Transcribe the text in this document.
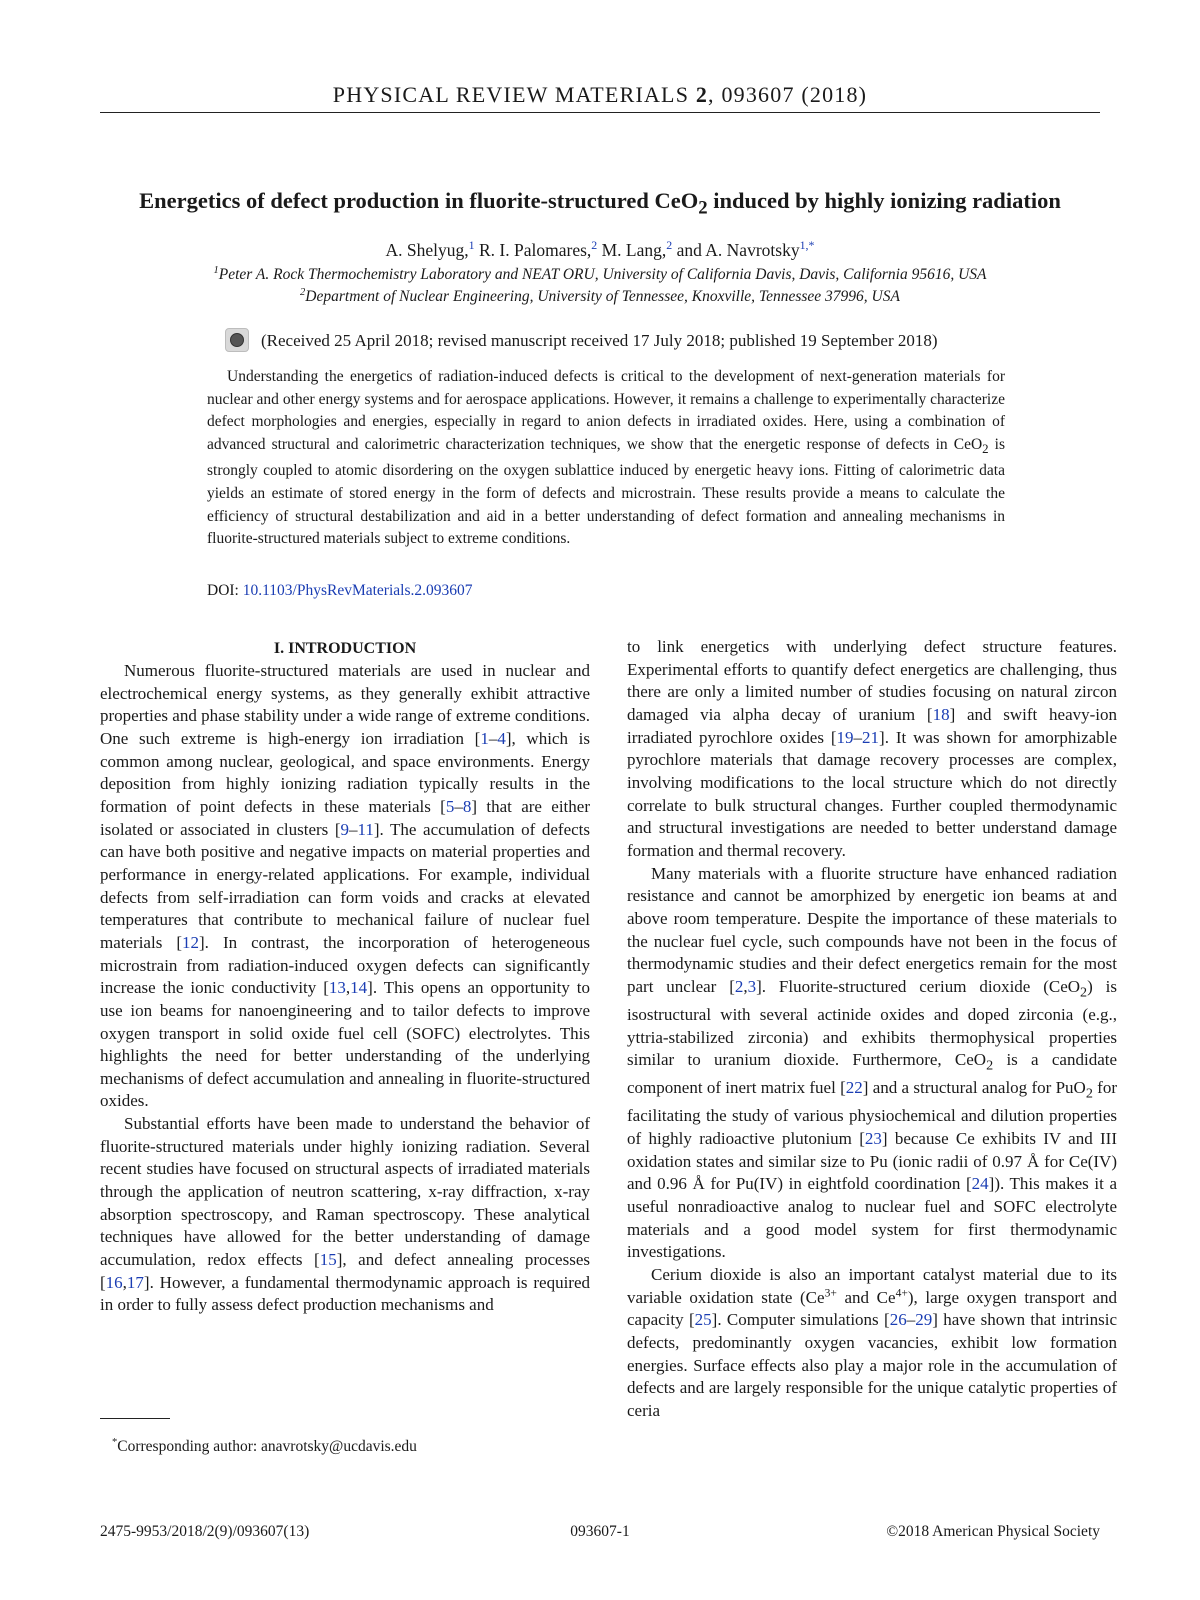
PHYSICAL REVIEW MATERIALS 2, 093607 (2018)
Energetics of defect production in fluorite-structured CeO$_2$ induced by highly ionizing radiation
A. Shelyug,$^1$ R. I. Palomares,$^2$ M. Lang,$^2$ and A. Navrotsky$^{1,*}$
$^1$Peter A. Rock Thermochemistry Laboratory and NEAT ORU, University of California Davis, Davis, California 95616, USA
$^2$Department of Nuclear Engineering, University of Tennessee, Knoxville, Tennessee 37996, USA
(Received 25 April 2018; revised manuscript received 17 July 2018; published 19 September 2018)
Understanding the energetics of radiation-induced defects is critical to the development of next-generation materials for nuclear and other energy systems and for aerospace applications. However, it remains a challenge to experimentally characterize defect morphologies and energies, especially in regard to anion defects in irradiated oxides. Here, using a combination of advanced structural and calorimetric characterization techniques, we show that the energetic response of defects in CeO$_2$ is strongly coupled to atomic disordering on the oxygen sublattice induced by energetic heavy ions. Fitting of calorimetric data yields an estimate of stored energy in the form of defects and microstrain. These results provide a means to calculate the efficiency of structural destabilization and aid in a better understanding of defect formation and annealing mechanisms in fluorite-structured materials subject to extreme conditions.
DOI: 10.1103/PhysRevMaterials.2.093607
I. INTRODUCTION

Numerous fluorite-structured materials are used in nuclear and electrochemical energy systems, as they generally exhibit attractive properties and phase stability under a wide range of extreme conditions. One such extreme is high-energy ion irradiation [1–4], which is common among nuclear, geological, and space environments. Energy deposition from highly ionizing radiation typically results in the formation of point defects in these materials [5–8] that are either isolated or associated in clusters [9–11]. The accumulation of defects can have both positive and negative impacts on material properties and performance in energy-related applications. For example, individual defects from self-irradiation can form voids and cracks at elevated temperatures that contribute to mechanical failure of nuclear fuel materials [12]. In contrast, the incorporation of heterogeneous microstrain from radiation-induced oxygen defects can significantly increase the ionic conductivity [13,14]. This opens an opportunity to use ion beams for nanoengineering and to tailor defects to improve oxygen transport in solid oxide fuel cell (SOFC) electrolytes. This highlights the need for better understanding of the underlying mechanisms of defect accumulation and annealing in fluorite-structured oxides.

Substantial efforts have been made to understand the behavior of fluorite-structured materials under highly ionizing radiation. Several recent studies have focused on structural aspects of irradiated materials through the application of neutron scattering, x-ray diffraction, x-ray absorption spectroscopy, and Raman spectroscopy. These analytical techniques have allowed for the better understanding of damage accumulation, redox effects [15], and defect annealing processes [16,17]. However, a fundamental thermodynamic approach is required in order to fully assess defect production mechanisms and

to link energetics with underlying defect structure features. Experimental efforts to quantify defect energetics are challenging, thus there are only a limited number of studies focusing on natural zircon damaged via alpha decay of uranium [18] and swift heavy-ion irradiated pyrochlore oxides [19–21]. It was shown for amorphizable pyrochlore materials that damage recovery processes are complex, involving modifications to the local structure which do not directly correlate to bulk structural changes. Further coupled thermodynamic and structural investigations are needed to better understand damage formation and thermal recovery.

Many materials with a fluorite structure have enhanced radiation resistance and cannot be amorphized by energetic ion beams at and above room temperature. Despite the importance of these materials to the nuclear fuel cycle, such compounds have not been in the focus of thermodynamic studies and their defect energetics remain for the most part unclear [2,3]. Fluorite-structured cerium dioxide (CeO$_2$) is isostructural with several actinide oxides and doped zirconia (e.g., yttria-stabilized zirconia) and exhibits thermophysical properties similar to uranium dioxide. Furthermore, CeO$_2$ is a candidate component of inert matrix fuel [22] and a structural analog for PuO$_2$ for facilitating the study of various physiochemical and dilution properties of highly radioactive plutonium [23] because Ce exhibits IV and III oxidation states and similar size to Pu (ionic radii of 0.97 Å for Ce(IV) and 0.96 Å for Pu(IV) in eightfold coordination [24]). This makes it a useful nonradioactive analog to nuclear fuel and SOFC electrolyte materials and a good model system for first thermodynamic investigations.

Cerium dioxide is also an important catalyst material due to its variable oxidation state ($Ce^{3+}$ and $Ce^{4+}$), large oxygen transport and capacity [25]. Computer simulations [26–29] have shown that intrinsic defects, predominantly oxygen vacancies, exhibit low formation energies. Surface effects also play a major role in the accumulation of defects and are largely responsible for the unique catalytic properties of ceria

*Corresponding author: anavrotsky@ucdavis.edu
2475-9953/2018/2(9)/093607(13)	093607-1	©2018 American Physical Society
